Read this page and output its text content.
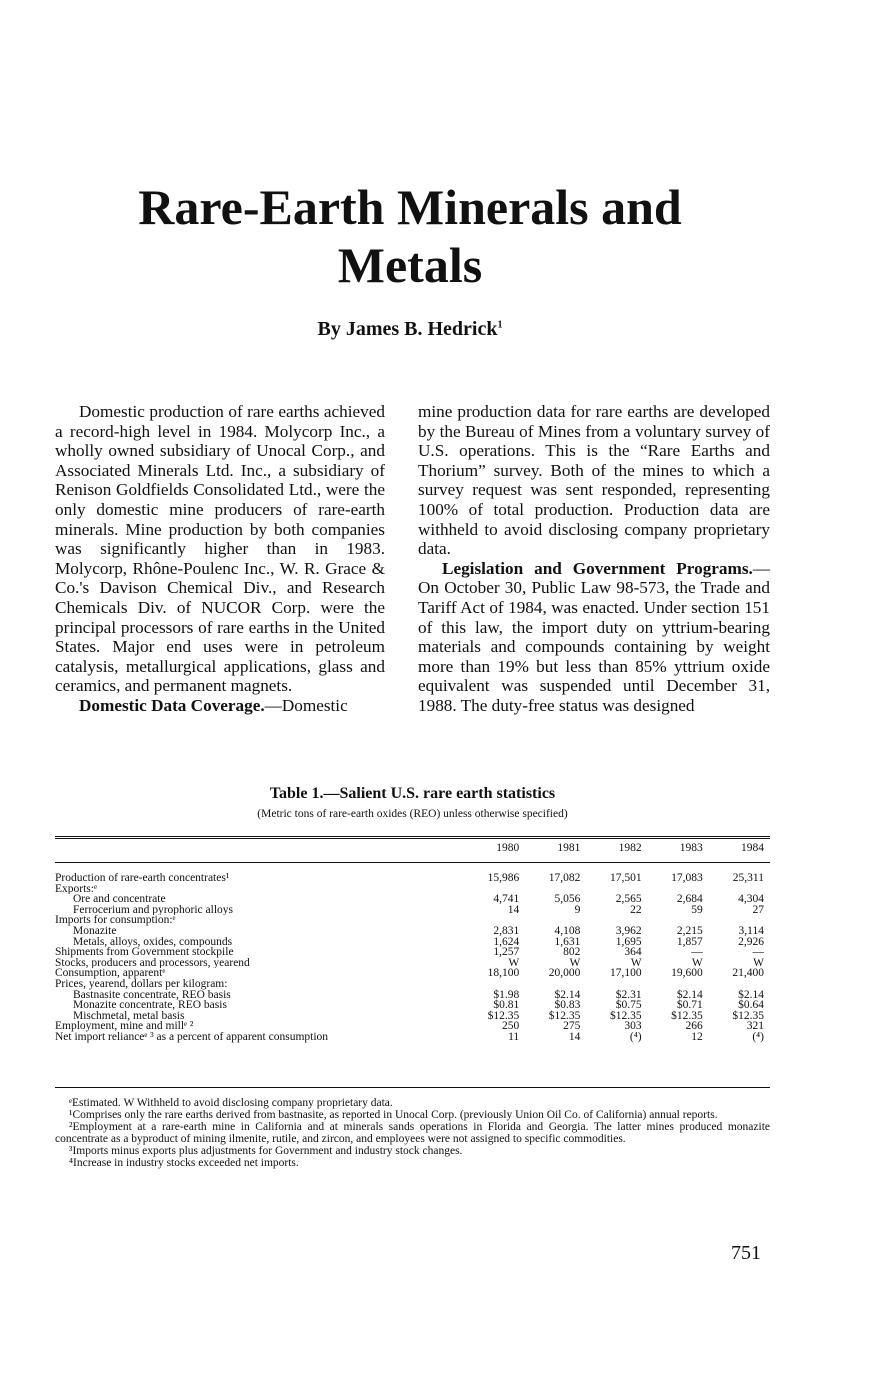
Rare-Earth Minerals and
Metals

By James B. Hedrick$^1$

Domestic production of rare earths achieved a record-high level in 1984. Molycorp Inc., a wholly owned subsidiary of Unocal Corp., and Associated Minerals Ltd. Inc., a subsidiary of Renison Goldfields Consolidated Ltd., were the only domestic mine producers of rare-earth minerals. Mine production by both companies was significantly higher than in 1983. Molycorp, Rhône-Poulenc Inc., W. R. Grace & Co.'s Davison Chemical Div., and Research Chemicals Div. of NUCOR Corp. were the principal processors of rare earths in the United States. Major end uses were in petroleum catalysis, metallurgical applications, glass and ceramics, and permanent magnets.

Domestic Data Coverage.—Domestic

mine production data for rare earths are developed by the Bureau of Mines from a voluntary survey of U.S. operations. This is the “Rare Earths and Thorium” survey. Both of the mines to which a survey request was sent responded, representing 100% of total production. Production data are withheld to avoid disclosing company proprietary data.

Legislation and Government Programs.—On October 30, Public Law 98-573, the Trade and Tariff Act of 1984, was enacted. Under section 151 of this law, the import duty on yttrium-bearing materials and compounds containing by weight more than 19% but less than 85% yttrium oxide equivalent was suspended until December 31, 1988. The duty-free status was designed

Table 1.—Salient U.S. rare earth statistics

(Metric tons of rare-earth oxides (REO) unless otherwise specified)

	1980	1981	1982	1983	1984
Production of rare-earth concentrates¹	15,986	17,082	17,501	17,083	25,311
Exports:ᵉ					
Ore and concentrate	4,741	5,056	2,565	2,684	4,304
Ferrocerium and pyrophoric alloys	14	9	22	59	27
Imports for consumption:ᵉ					
Monazite	2,831	4,108	3,962	2,215	3,114
Metals, alloys, oxides, compounds	1,624	1,631	1,695	1,857	2,926
Shipments from Government stockpile	1,257	802	364	—	—
Stocks, producers and processors, yearend	W	W	W	W	W
Consumption, apparentᵉ	18,100	20,000	17,100	19,600	21,400
Prices, yearend, dollars per kilogram:					
Bastnasite concentrate, REO basis	$1.98	$2.14	$2.31	$2.14	$2.14
Monazite concentrate, REO basis	$0.81	$0.83	$0.75	$0.71	$0.64
Mischmetal, metal basis	$12.35	$12.35	$12.35	$12.35	$12.35
Employment, mine and millᵉ ²	250	275	303	266	321
Net import relianceᵉ ³ as a percent of apparent consumption	11	14	(⁴)	12	(⁴)

ᵉEstimated. W Withheld to avoid disclosing company proprietary data.

¹Comprises only the rare earths derived from bastnasite, as reported in Unocal Corp. (previously Union Oil Co. of California) annual reports.

²Employment at a rare-earth mine in California and at minerals sands operations in Florida and Georgia. The latter mines produced monazite concentrate as a byproduct of mining ilmenite, rutile, and zircon, and employees were not assigned to specific commodities.

³Imports minus exports plus adjustments for Government and industry stock changes.

⁴Increase in industry stocks exceeded net imports.

751
